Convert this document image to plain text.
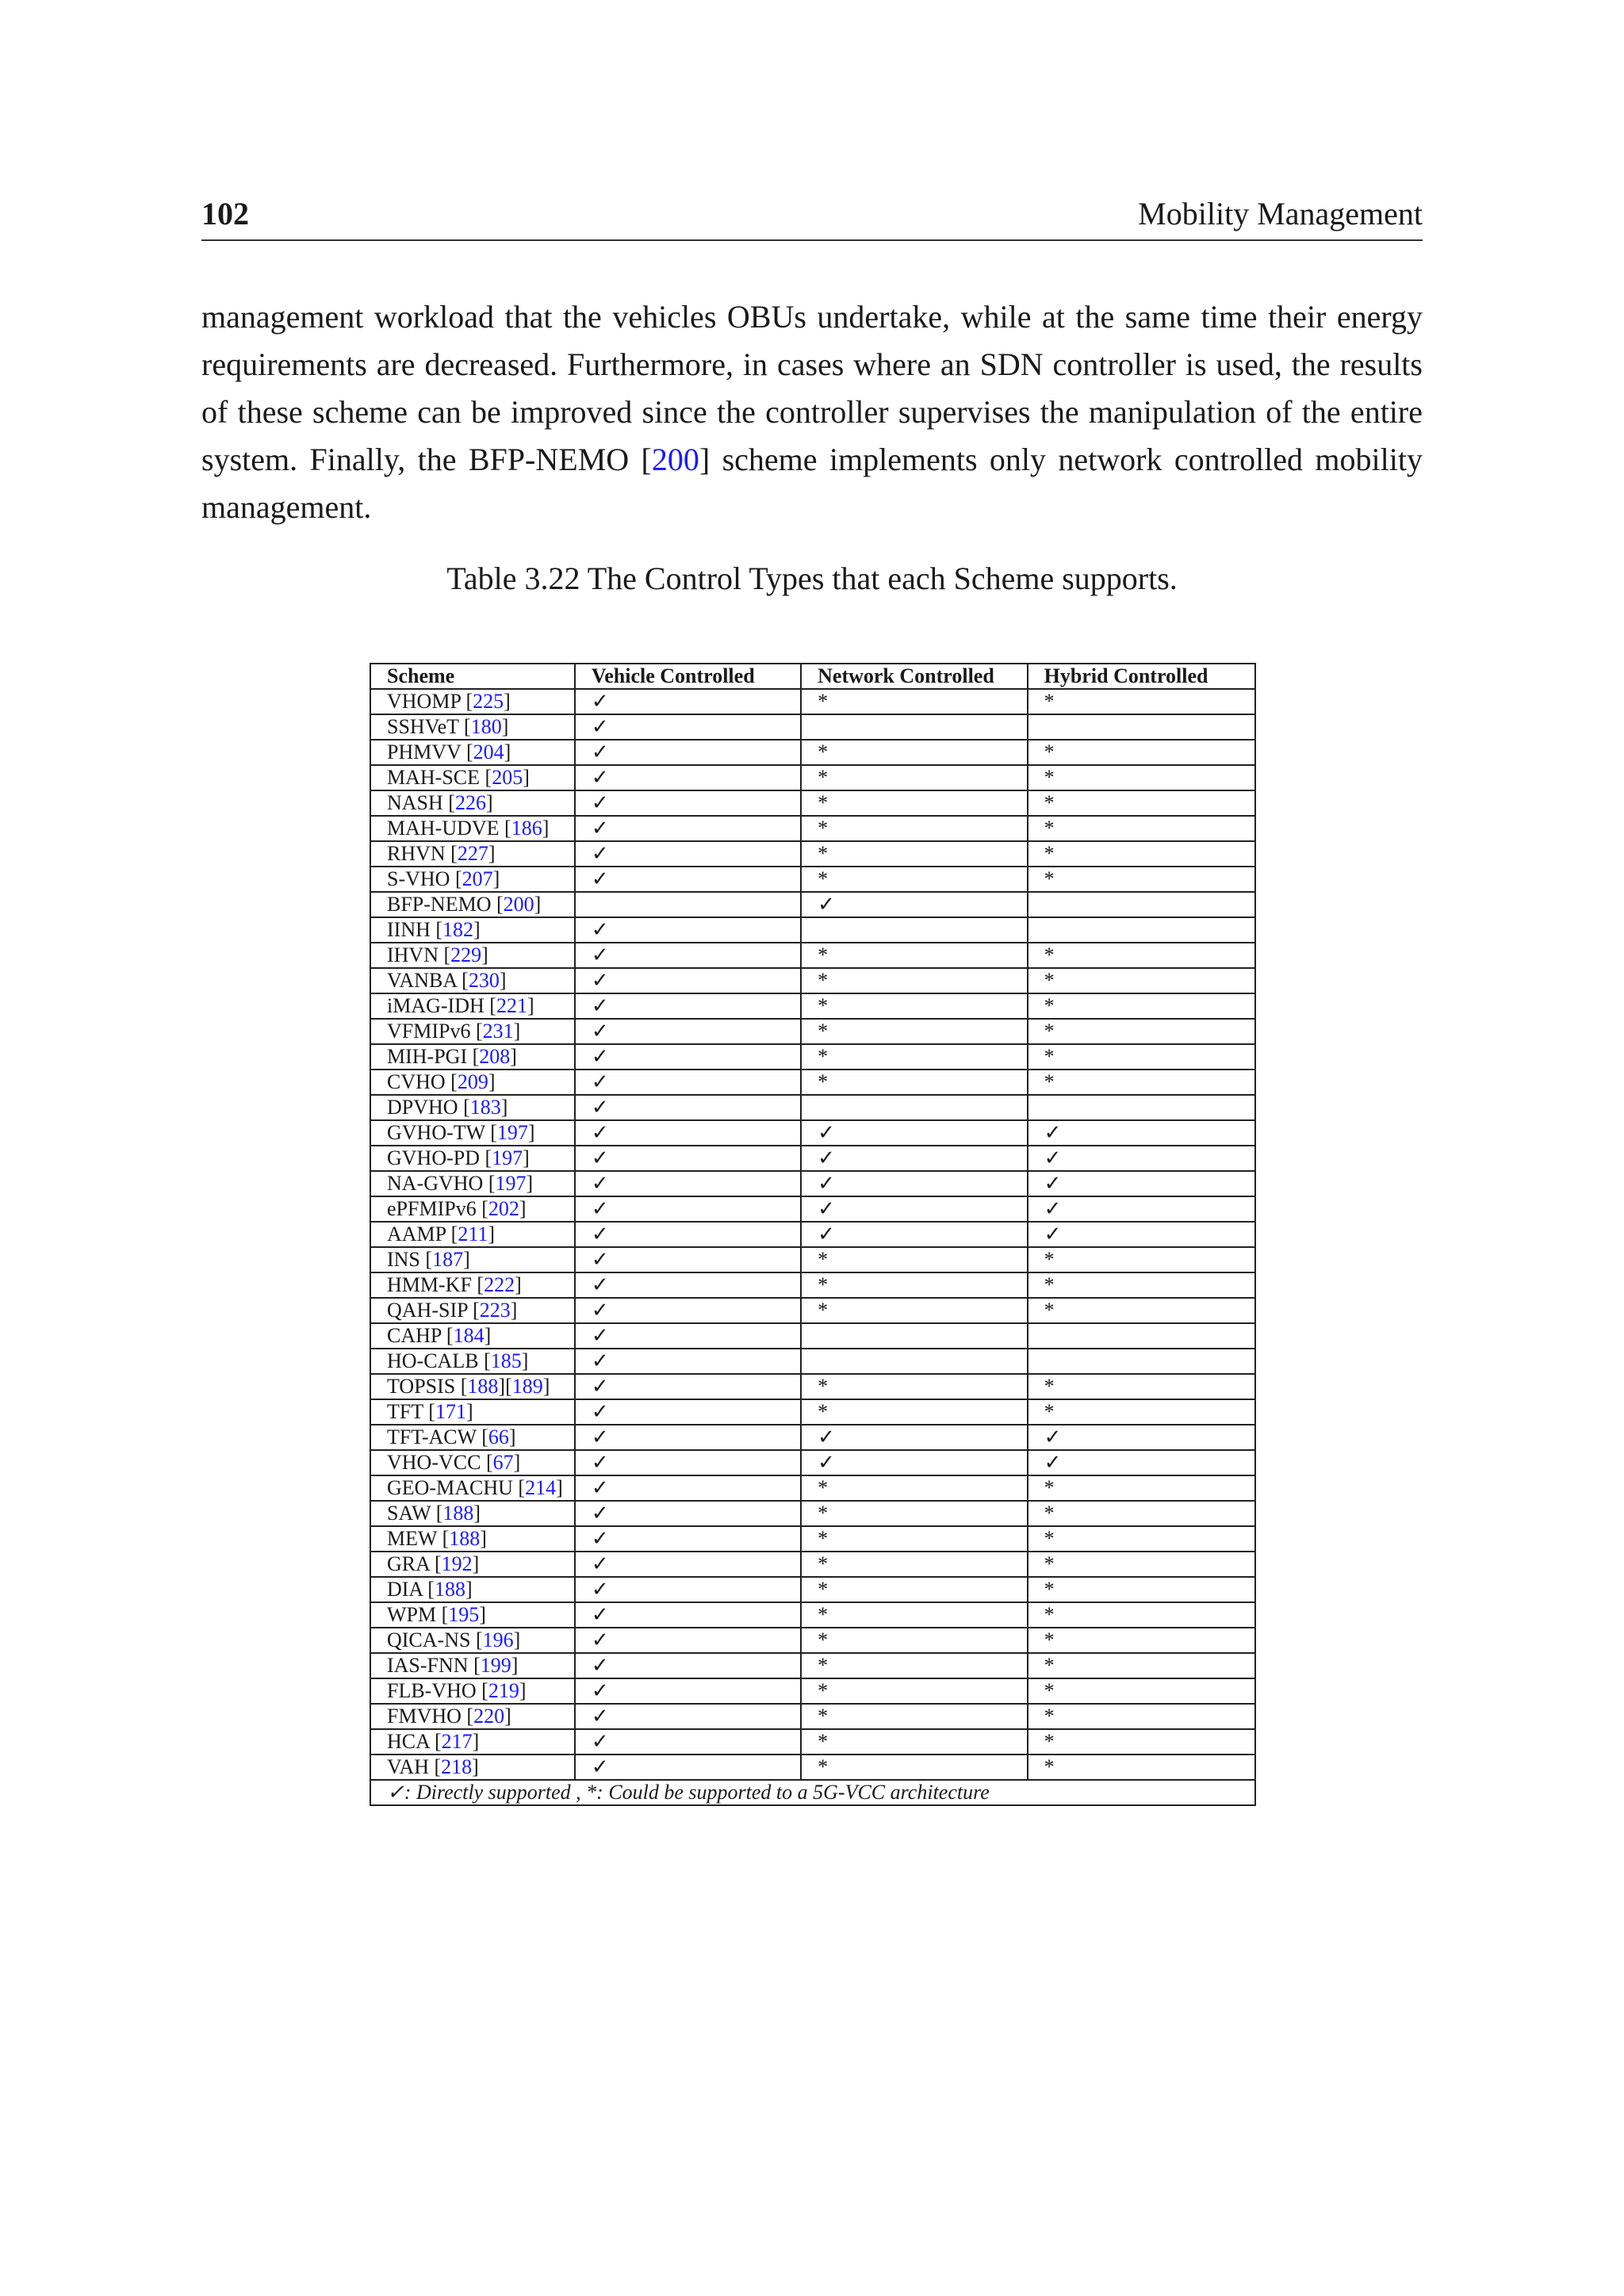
102	Mobility Management

management workload that the vehicles OBUs undertake, while at the same time their energy requirements are decreased. Furthermore, in cases where an SDN controller is used, the results of these scheme can be improved since the controller supervises the manipulation of the entire system. Finally, the BFP-NEMO [200] scheme implements only network controlled mobility management.

Table 3.22 The Control Types that each Scheme supports.

Scheme	Vehicle Controlled	Network Controlled	Hybrid Controlled
VHOMP [225]	✓	*	*
SSHVeT [180]	✓		
PHMVV [204]	✓	*	*
MAH-SCE [205]	✓	*	*
NASH [226]	✓	*	*
MAH-UDVE [186]	✓	*	*
RHVN [227]	✓	*	*
S-VHO [207]	✓	*	*
BFP-NEMO [200]		✓	
IINH [182]	✓		
IHVN [229]	✓	*	*
VANBA [230]	✓	*	*
iMAG-IDH [221]	✓	*	*
VFMIPv6 [231]	✓	*	*
MIH-PGI [208]	✓	*	*
CVHO [209]	✓	*	*
DPVHO [183]	✓		
GVHO-TW [197]	✓	✓	✓
GVHO-PD [197]	✓	✓	✓
NA-GVHO [197]	✓	✓	✓
ePFMIPv6 [202]	✓	✓	✓
AAMP [211]	✓	✓	✓
INS [187]	✓	*	*
HMM-KF [222]	✓	*	*
QAH-SIP [223]	✓	*	*
CAHP [184]	✓		
HO-CALB [185]	✓		
TOPSIS [188][189]	✓	*	*
TFT [171]	✓	*	*
TFT-ACW [66]	✓	✓	✓
VHO-VCC [67]	✓	✓	✓
GEO-MACHU [214]	✓	*	*
SAW [188]	✓	*	*
MEW [188]	✓	*	*
GRA [192]	✓	*	*
DIA [188]	✓	*	*
WPM [195]	✓	*	*
QICA-NS [196]	✓	*	*
IAS-FNN [199]	✓	*	*
FLB-VHO [219]	✓	*	*
FMVHO [220]	✓	*	*
HCA [217]	✓	*	*
VAH [218]	✓	*	*
✓: Directly supported , *: Could be supported to a 5G-VCC architecture			
